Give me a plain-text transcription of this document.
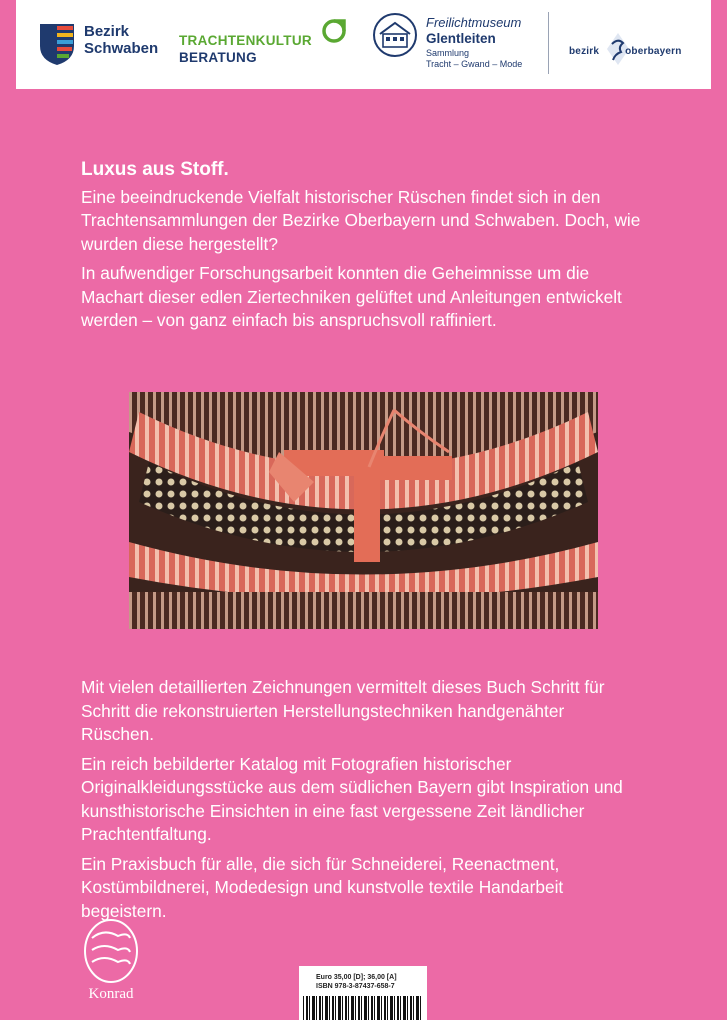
Bezirk
Schwaben TRACHTENKULTUR
BERATUNG
Freilichtmuseum
Glentleiten
Sammlung
Tracht – Gwand – Mode
bezirk	oberbayern
Luxus aus Stoff.

Eine beeindruckende Vielfalt historischer Rüschen findet sich in den Trachtensammlungen der Bezirke Oberbayern und Schwaben. Doch, wie wurden diese hergestellt?

In aufwendiger Forschungsarbeit konnten die Geheimnisse um die Machart dieser edlen Ziertechniken gelüftet und Anleitungen entwickelt werden – von ganz einfach bis anspruchsvoll raffiniert.

Mit vielen detaillierten Zeichnungen vermittelt dieses Buch Schritt für Schritt die rekonstruierten Herstellungstechniken handgenähter Rüschen.

Ein reich bebilderter Katalog mit Fotografien historischer Originalkleidungsstücke aus dem südlichen Bayern gibt Inspiration und kunsthistorische Einsichten in eine fast vergessene Zeit ländlicher Prachtentfaltung.

Ein Praxisbuch für alle, die sich für Schneiderei, Reenactment, Kostümbildnerei, Modedesign und kunstvolle textile Handarbeit begeistern.

Konrad
Euro 35,00 [D]; 36,00 [A]
ISBN 978-3-87437-658-7
